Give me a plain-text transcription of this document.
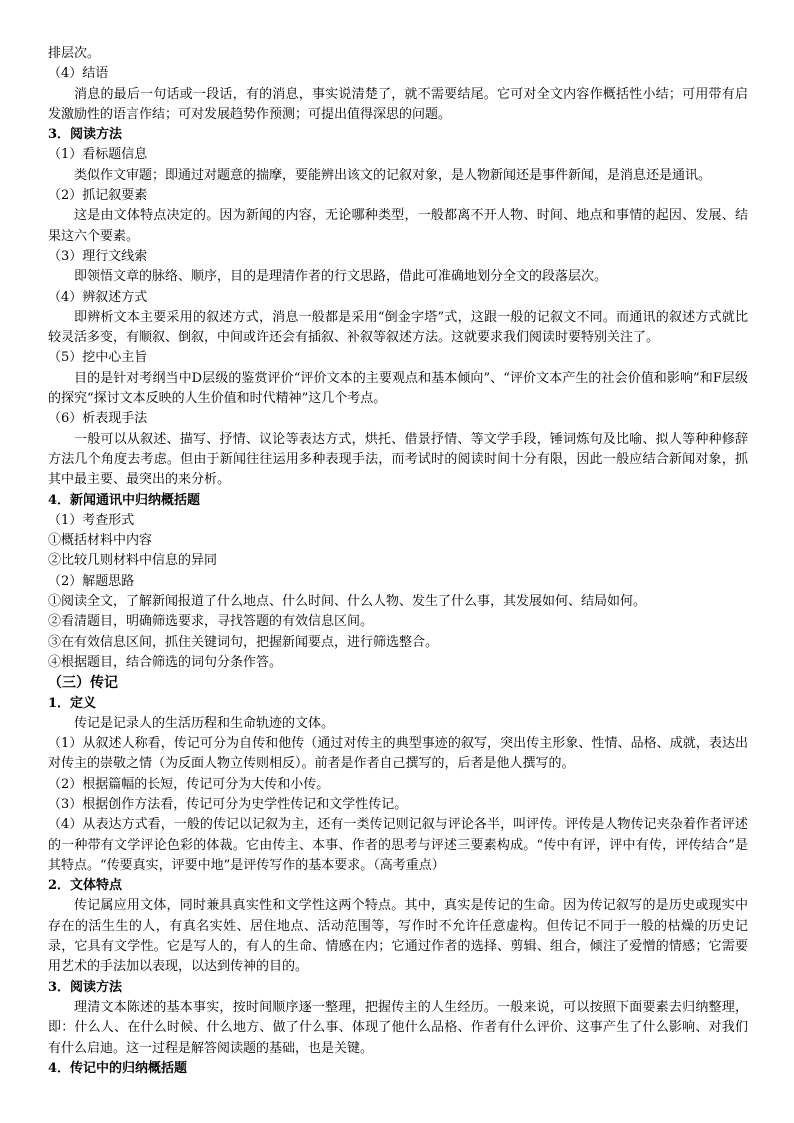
排层次。

（4）结语

消息的最后一句话或一段话，有的消息，事实说清楚了，就不需要结尾。它可对全文内容作概括性小结；可用带有启发激励性的语言作结；可对发展趋势作预测；可提出值得深思的问题。

3．阅读方法

（1）看标题信息

类似作文审题；即通过对题意的揣摩，要能辨出该文的记叙对象，是人物新闻还是事件新闻，是消息还是通讯。

（2）抓记叙要素

这是由文体特点决定的。因为新闻的内容，无论哪种类型，一般都离不开人物、时间、地点和事情的起因、发展、结果这六个要素。

（3）理行文线索

即领悟文章的脉络、顺序，目的是理清作者的行文思路，借此可准确地划分全文的段落层次。

（4）辨叙述方式

即辨析文本主要采用的叙述方式，消息一般都是采用“倒金字塔”式，这跟一般的记叙文不同。而通讯的叙述方式就比较灵活多变，有顺叙、倒叙，中间或许还会有插叙、补叙等叙述方法。这就要求我们阅读时要特别关注了。

（5）挖中心主旨

目的是针对考纲当中D层级的鉴赏评价“评价文本的主要观点和基本倾向”、“评价文本产生的社会价值和影响”和F层级的探究“探讨文本反映的人生价值和时代精神”这几个考点。

（6）析表现手法

一般可以从叙述、描写、抒情、议论等表达方式，烘托、借景抒情、等文学手段，锤词炼句及比喻、拟人等种种修辞方法几个角度去考虑。但由于新闻往往运用多种表现手法，而考试时的阅读时间十分有限，因此一般应结合新闻对象，抓其中最主要、最突出的来分析。

4．新闻通讯中归纳概括题

（1）考查形式

①概括材料中内容

②比较几则材料中信息的异同

（2）解题思路

①阅读全文，了解新闻报道了什么地点、什么时间、什么人物、发生了什么事，其发展如何、结局如何。

②看清题目，明确筛选要求，寻找答题的有效信息区间。

③在有效信息区间，抓住关键词句，把握新闻要点，进行筛选整合。

④根据题目，结合筛选的词句分条作答。

（三）传记

1．定义

传记是记录人的生活历程和生命轨迹的文体。

（1）从叙述人称看，传记可分为自传和他传（通过对传主的典型事迹的叙写，突出传主形象、性情、品格、成就，表达出对传主的崇敬之情（为反面人物立传则相反）。前者是作者自己撰写的，后者是他人撰写的。

（2）根据篇幅的长短，传记可分为大传和小传。

（3）根据创作方法看，传记可分为史学性传记和文学性传记。

（4）从表达方式看，一般的传记以记叙为主，还有一类传记则记叙与评论各半，叫评传。评传是人物传记夹杂着作者评述的一种带有文学评论色彩的体裁。它由传主、本事、作者的思考与评述三要素构成。“传中有评，评中有传，评传结合”是其特点。“传要真实，评要中地”是评传写作的基本要求。（高考重点）

2．文体特点

传记属应用文体，同时兼具真实性和文学性这两个特点。其中，真实是传记的生命。因为传记叙写的是历史或现实中存在的活生生的人，有真名实姓、居住地点、活动范围等，写作时不允许任意虚构。但传记不同于一般的枯燥的历史记录，它具有文学性。它是写人的，有人的生命、情感在内；它通过作者的选择、剪辑、组合，倾注了爱憎的情感；它需要用艺术的手法加以表现，以达到传神的目的。

3．阅读方法

理清文本陈述的基本事实，按时间顺序逐一整理，把握传主的人生经历。一般来说，可以按照下面要素去归纳整理，即：什么人、在什么时候、什么地方、做了什么事、体现了他什么品格、作者有什么评价、这事产生了什么影响、对我们有什么启迪。这一过程是解答阅读题的基础，也是关键。

4．传记中的归纳概括题
